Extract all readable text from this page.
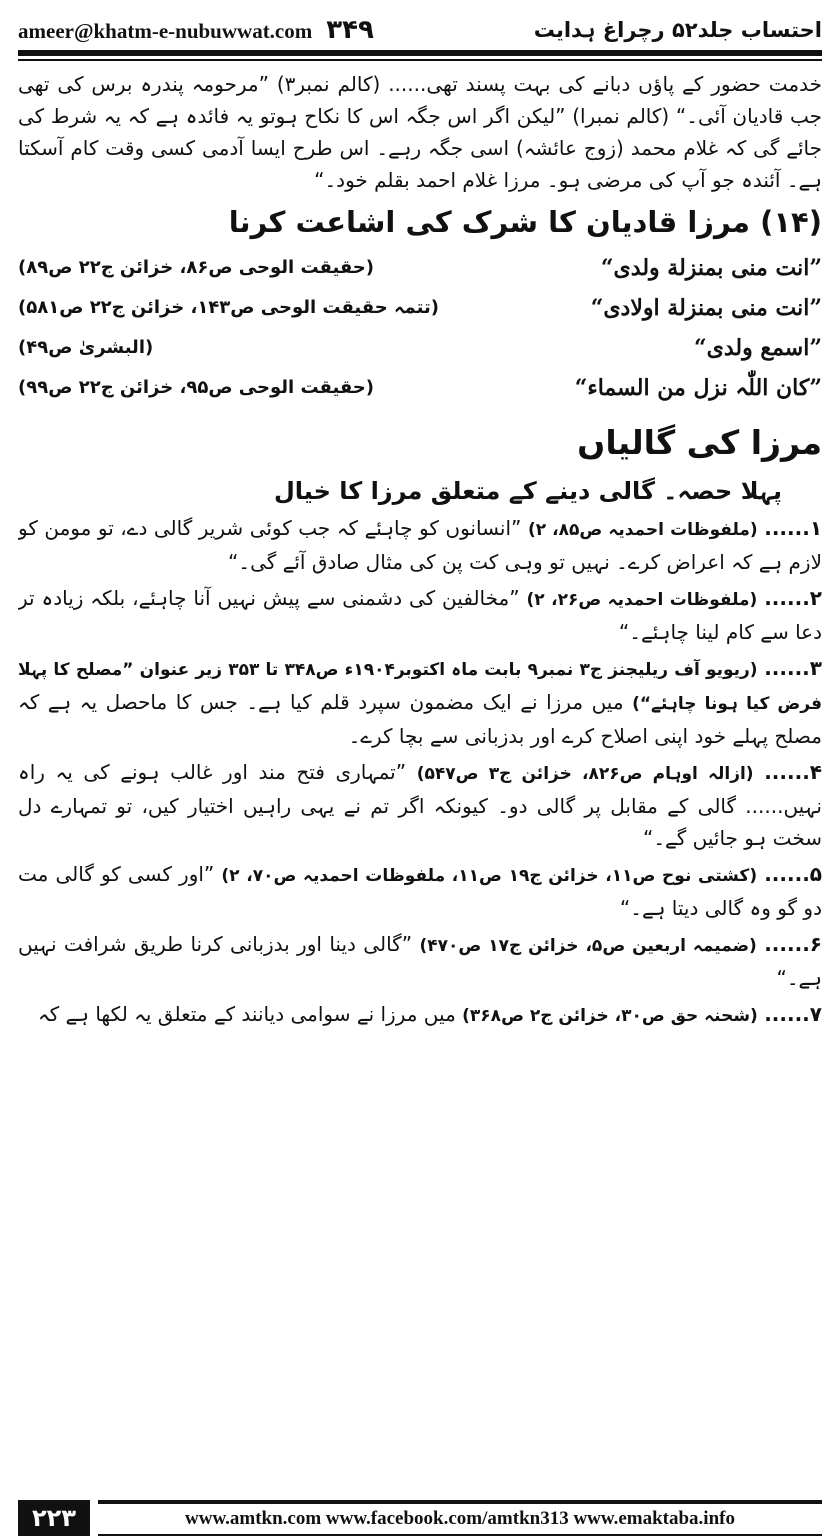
ameer@khatm-e-nubuwwat.com ۳۴۹	احتساب جلد۵۲ رچراغ ہدایت

خدمت حضور کے پاؤں دبانے کی بہت پسند تھی...... (کالم نمبر۳) ”مرحومہ پندرہ برس کی تھی جب قادیان آئی۔“ (کالم نمبرا) ”لیکن اگر اس جگہ اس کا نکاح ہوتو یہ فائدہ ہے کہ یہ شرط کی جائے گی کہ غلام محمد (زوج عائشہ) اسی جگہ رہے۔ اس طرح ایسا آدمی کسی وقت کام آسکتا ہے۔ آئندہ جو آپ کی مرضی ہو۔ مرزا غلام احمد بقلم خود۔“

(۱۴) مرزا قادیان کا شرک کی اشاعت کرنا
”انت منی بمنزلة ولدی“
(حقیقت الوحی ص۸۶، خزائن ج۲۲ ص۸۹)
”انت منی بمنزلة اولادی“
(تتمہ حقیقت الوحی ص۱۴۳، خزائن ج۲۲ ص۵۸۱)
”اسمع ولدی“
(البشریٰ ص۴۹)
”کان اللّٰہ نزل من السماء“
(حقیقت الوحی ص۹۵، خزائن ج۲۲ ص۹۹)
مرزا کی گالیاں
پہلا حصہ۔ گالی دینے کے متعلق مرزا کا خیال

۱...... (ملفوظات احمدیہ ص۸۵، ۲) ”انسانوں کو چاہئے کہ جب کوئی شریر گالی دے، تو مومن کو لازم ہے کہ اعراض کرے۔ نہیں تو وہی کت پن کی مثال صادق آئے گی۔“

۲...... (ملفوظات احمدیہ ص۲۶، ۲) ”مخالفین کی دشمنی سے پیش نہیں آنا چاہئے، بلکہ زیادہ تر دعا سے کام لینا چاہئے۔“

۳...... (ریویو آف ریلیجنز ج۳ نمبر۹ بابت ماہ اکتوبر۱۹۰۴ء ص۳۴۸ تا ۳۵۳ زیر عنوان ”مصلح کا پہلا فرض کیا ہونا چاہئے“) میں مرزا نے ایک مضمون سپرد قلم کیا ہے۔ جس کا ماحصل یہ ہے کہ مصلح پہلے خود اپنی اصلاح کرے اور بدزبانی سے بچا کرے۔

۴...... (ازالہ اوہام ص۸۲۶، خزائن ج۳ ص۵۴۷) ”تمہاری فتح مند اور غالب ہونے کی یہ راہ نہیں...... گالی کے مقابل پر گالی دو۔ کیونکہ اگر تم نے یہی راہیں اختیار کیں، تو تمہارے دل سخت ہو جائیں گے۔“

۵...... (کشتی نوح ص۱۱، خزائن ج۱۹ ص۱۱، ملفوظات احمدیہ ص۷۰، ۲) ”اور کسی کو گالی مت دو گو وہ گالی دیتا ہے۔“

۶...... (ضمیمہ اربعین ص۵، خزائن ج۱۷ ص۴۷۰) ”گالی دینا اور بدزبانی کرنا طریق شرافت نہیں ہے۔“

۷...... (شحنہ حق ص۳۰، خزائن ج۲ ص۳۶۸) میں مرزا نے سوامی دیانند کے متعلق یہ لکھا ہے کہ

۲۲۳	www.amtkn.com www.facebook.com/amtkn313 www.emaktaba.info
